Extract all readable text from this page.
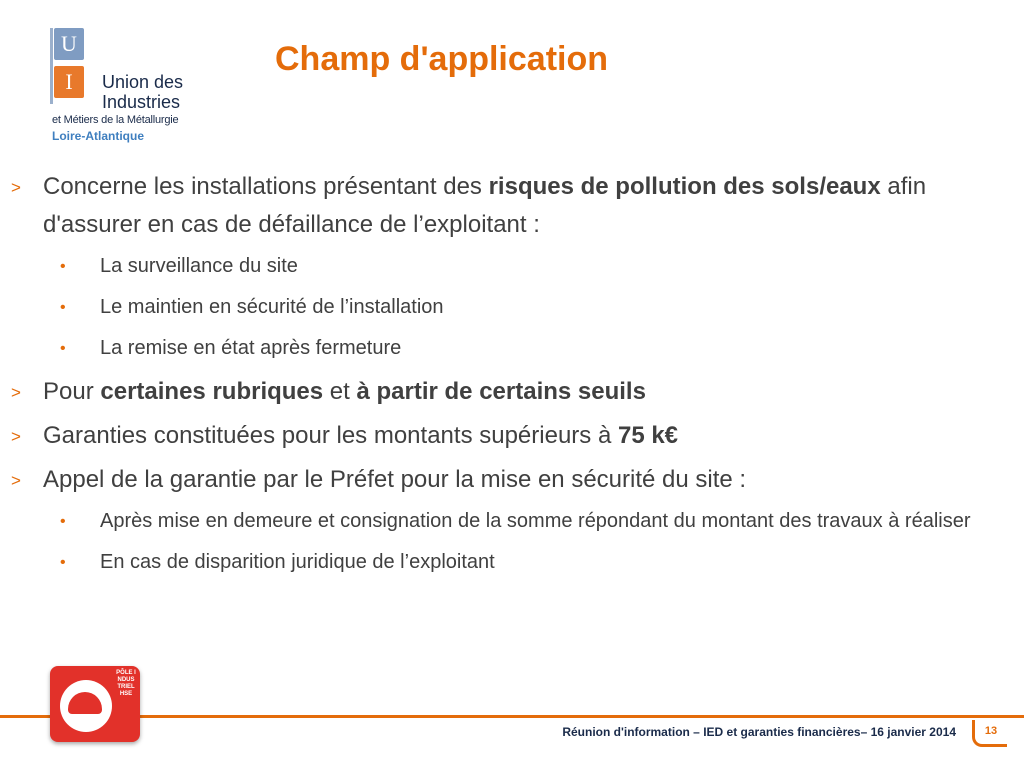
U
I	Union des
Industries
et Métiers de la Métallurgie
Loire-Atlantique
Champ d'application
> Concerne les installations présentant des risques de pollution des sols/eaux afin d'assurer en cas de défaillance de l’exploitant :
• La surveillance du site
• Le maintien en sécurité de l’installation
• La remise en état après fermeture
> Pour certaines rubriques et à partir de certains seuils
> Garanties constituées pour les montants supérieurs à 75 k€
> Appel de la garantie par le Préfet pour la mise en sécurité du site :
• Après mise en demeure et consignation de la somme répondant du montant des travaux à réaliser
• En cas de disparition juridique de l’exploitant
PÔLE INDUSTRIEL HSE
Réunion d'information – IED et garanties financières– 16 janvier 2014	13
